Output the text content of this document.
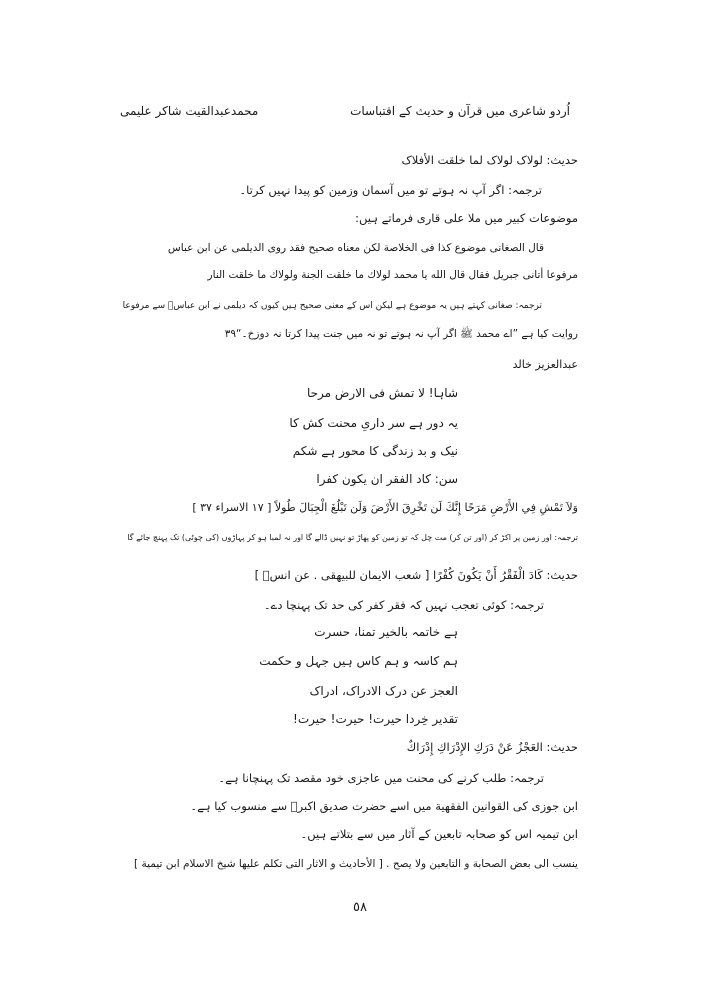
محمدعبدالقیت شاکر علیمی	اُردو شاعری میں قرآن و حدیث کے اقتباسات
حدیث: لولاک لولاک لما خلقت الأفلاک
ترجمہ: اگر آپ نہ ہوتے تو میں آسمان وزمین کو پیدا نہیں کرتا۔
موضوعات کبیر میں ملا علی قاری فرماتے ہیں:
قال الصغانی موضوع كذا فی الخلاصة لكن معناه صحيح فقد روى الديلمی عن ابن عباس
مرفوعا أتانی جبريل فقال قال الله يا محمد لولاك ما خلقت الجنة ولولاك ما خلقت النار
ترجمہ: صغانی کہتے ہیں یہ موضوع ہے لیکن اس کے معنی صحیح ہیں کیوں کہ دیلمی نے ابن عباسؓ سے مرفوعا
روایت کیا ہے ”اے محمد ﷺ اگر آپ نہ ہوتے تو نہ میں جنت پیدا کرتا نہ دوزخ۔“٣٩
عبدالعزیز خالد
شاہا! لا تمش فی الارض مرحا
یہ دور ہے سر داریِ محنت کش کا
نیک و بد زندگی کا محور ہے شکم
سن: كاد الفقر ان يكون كفرا
وَلاَ تَمْشِ فِي الأَرْضِ مَرَحًا إِنَّكَ لَن تَخْرِقَ الأَرْضَ وَلَن تَبْلُغَ الْجِبَالَ طُولاً [ ١٧ الاسراء ٣٧ ]
ترجمہ: اور زمین پر اکڑ کر (اور تن کر) مت چل کہ تو زمین کو پھاڑ تو نہیں ڈالے گا اور نہ لمبا ہو کر پہاڑوں (کی چوٹی) تک پہنچ جائے گا
حدیث: كَادَ الْفَقْرُ أَنْ يَكُونَ كُفْرًا [ شعب الايمان للبيهقى . عن انسؓ ]
ترجمہ: کوئی تعجب نہیں کہ فقر کفر کی حد تک پہنچا دے۔
ہے خاتمہ بالخیر تمنا، حسرت
ہم کاسہ و ہم کاس ہیں جہل و حکمت
العجز عن درک الادراک، ادراک
تقدیر خِردا حیرت! حیرت! حیرت!
حدیث: العَجْزُ عَنْ دَرَكِ الإِدْرَاكِ إِدْرَاكٌ
ترجمہ: طلب کرنے کی محنت میں عاجزی خود مقصد تک پہنچانا ہے۔
ابن جوزی کی القوانین الفقهية میں اسے حضرت صدیق اکبرؓ سے منسوب کیا ہے۔
ابن تیمیہ اس کو صحابہ تابعین کے آثار میں سے بتلاتے ہیں۔
ينسب الى بعض الصحابة و التابعين ولا يصح . [ الأحاديث و الاثار التى تكلم عليها شيخ الاسلام ابن تيمية ]
٥٨
